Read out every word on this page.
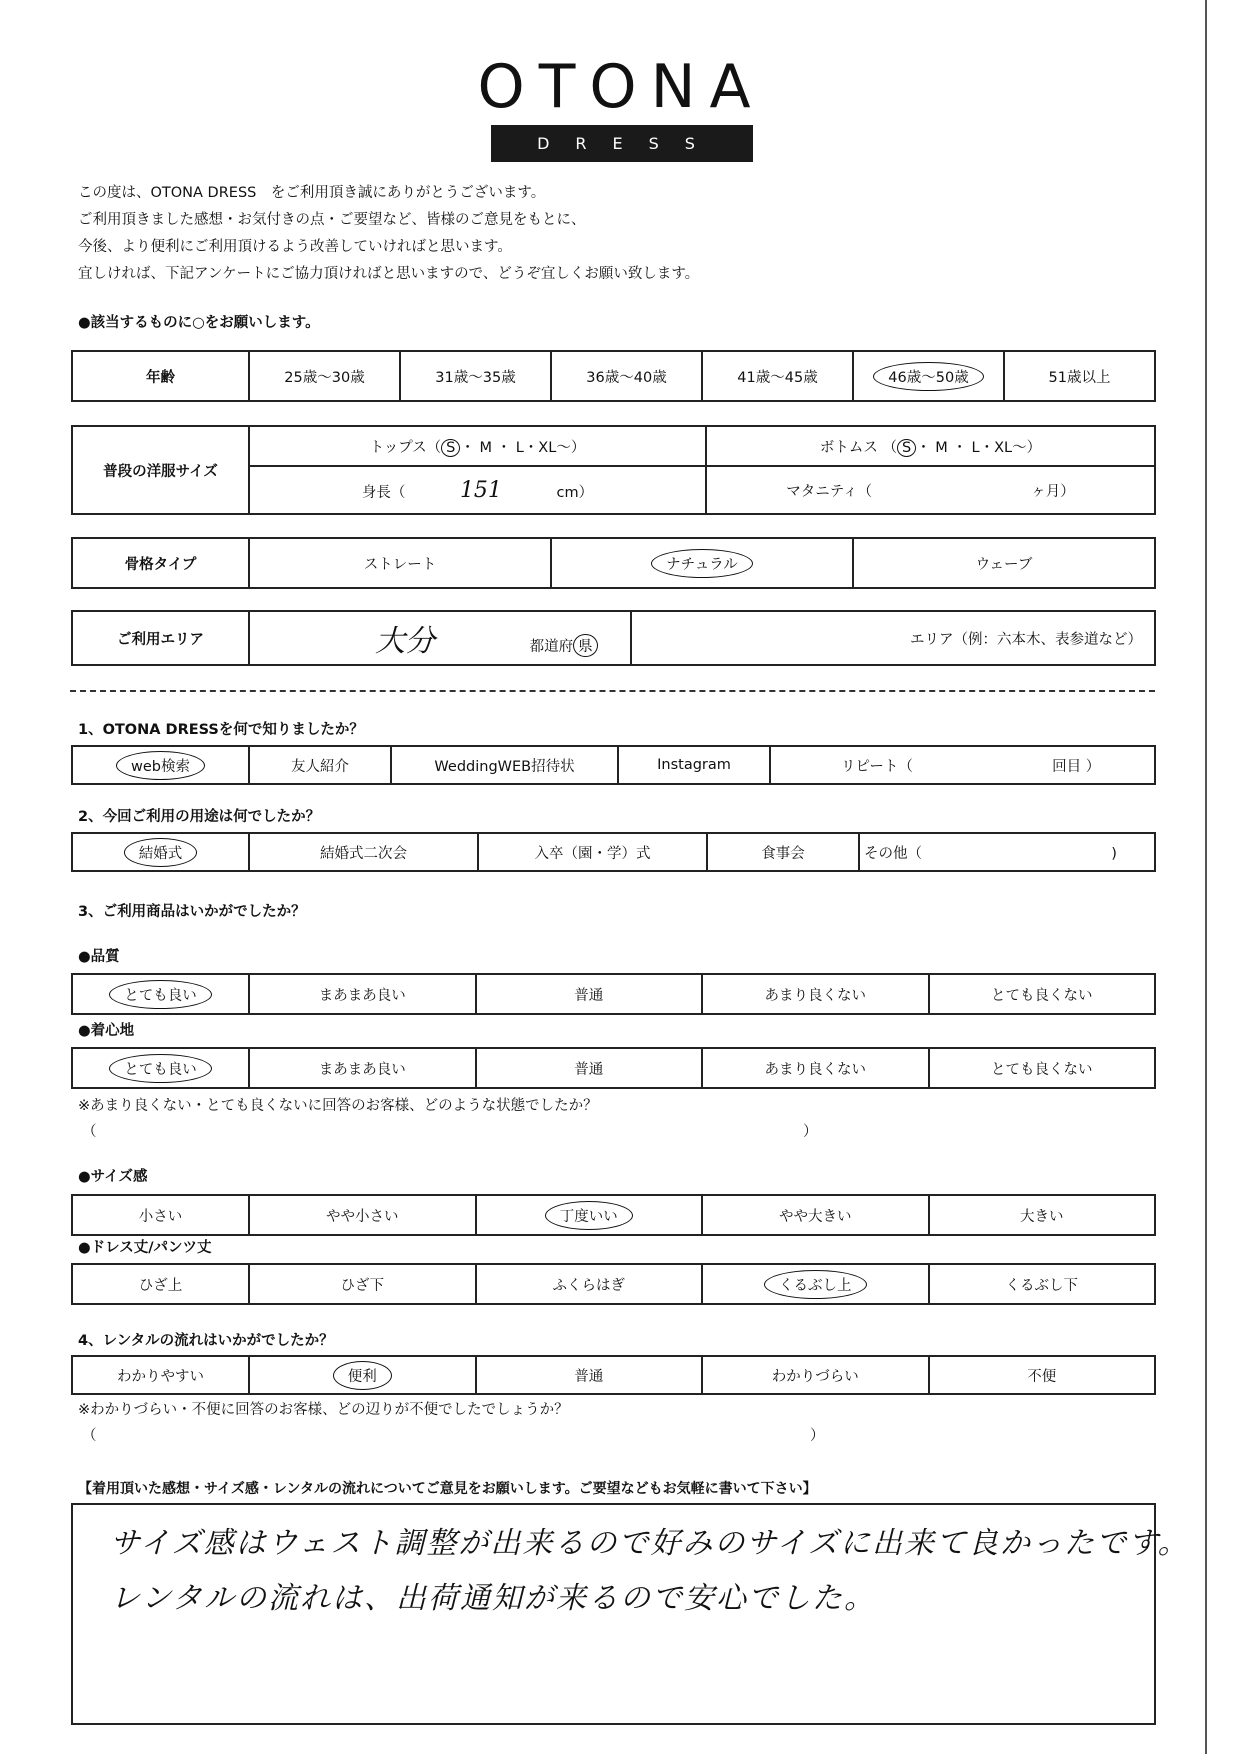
OTONA
DRESS
この度は、OTONA DRESS　をご利用頂き誠にありがとうございます。
ご利用頂きました感想・お気付きの点・ご要望など、皆様のご意見をもとに、
今後、より便利にご利用頂けるよう改善していければと思います。
宜しければ、下記アンケートにご協力頂ければと思いますので、どうぞ宜しくお願い致します。
●該当するものに○をお願いします。
年齢	25歳～30歳	31歳～35歳	36歳～40歳	41歳～45歳	46歳～50歳	51歳以上
普段の洋服サイズ	トップス（ S ・ M ・ L・XL～）	ボトムス （ S ・ M ・ L・XL～）
	身長（ 151 cm）	マタニティ（ ヶ月）
骨格タイプ	ストレート	ナチュラル	ウェーブ
ご利用エリア	大分	都道府 県	エリア（例：六本木、表参道など）
1、OTONA DRESSを何で知りましたか？
web検索	友人紹介	WeddingWEB招待状	Instagram	リピート（	回目 ）
2、今回ご利用の用途は何でしたか？
結婚式	結婚式二次会	入卒（園・学）式	食事会	その他（	)
3、ご利用商品はいかがでしたか？
●品質
とても良い	まあまあ良い	普通	あまり良くない	とても良くない
●着心地
とても良い	まあまあ良い	普通	あまり良くない	とても良くない
※あまり良くない・とても良くないに回答のお客様、どのような状態でしたか？
（	）
●サイズ感
小さい	やや小さい	丁度いい	やや大きい	大きい
●ドレス丈/パンツ丈
ひざ上	ひざ下	ふくらはぎ	くるぶし上	くるぶし下
4、レンタルの流れはいかがでしたか？
わかりやすい	便利	普通	わかりづらい	不便
※わかりづらい・不便に回答のお客様、どの辺りが不便でしたでしょうか？
（	）
【着用頂いた感想・サイズ感・レンタルの流れについてご意見をお願いします。ご要望などもお気軽に書いて下さい】
サイズ感はウェスト調整が出来るので好みのサイズに出来て良かったです。
レンタルの流れは、出荷通知が来るので安心でした。
